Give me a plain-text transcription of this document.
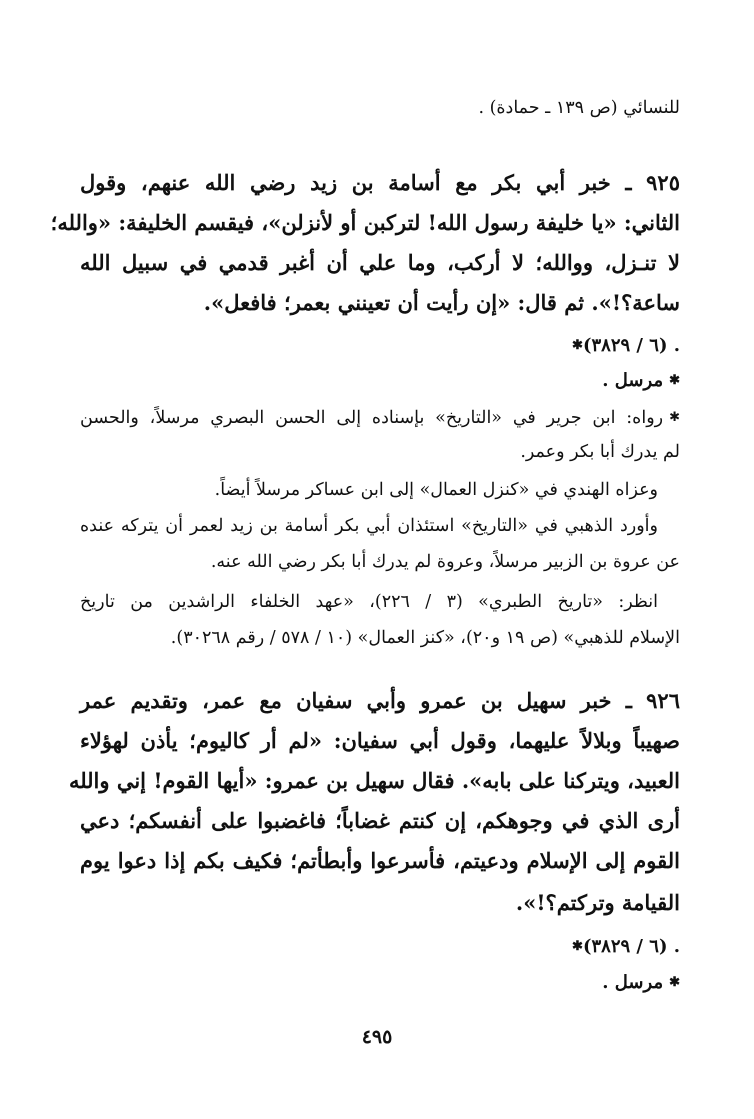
للنسائي (ص ١٣٩ ـ حمادة) .
٩٢٥ ـ خبر أبي بكر مع أسامة بن زيد رضي الله عنهم، وقول
الثاني: «يا خليفة رسول الله! لتركبن أو لأنزلن»، فيقسم الخليفة: «والله؛
لا تنـزل، ووالله؛ لا أركب، وما علي أن أغبر قدمي في سبيل الله
ساعة؟!». ثم قال: «إن رأيت أن تعينني بعمر؛ فافعل».
✱ (٦ / ٣٨٢٩) .
✱ مرسل .
✱ رواه: ابن جرير في «التاريخ» بإسناده إلى الحسن البصري مرسلاً، والحسن
لم يدرك أبا بكر وعمر.
وعزاه الهندي في «كنزل العمال» إلى ابن عساكر مرسلاً أيضاً.
وأورد الذهبي في «التاريخ» استئذان أبي بكر أسامة بن زيد لعمر أن يتركه عنده
عن عروة بن الزبير مرسلاً، وعروة لم يدرك أبا بكر رضي الله عنه.
انظر: «تاريخ الطبري» (٣ / ٢٢٦)، «عهد الخلفاء الراشدين من تاريخ
الإسلام للذهبي» (ص ١٩ و٢٠)، «كنز العمال» (١٠ / ٥٧٨ / رقم ٣٠٢٦٨).
٩٢٦ ـ خبر سهيل بن عمرو وأبي سفيان مع عمر، وتقديم عمر
صهيباً وبلالاً عليهما، وقول أبي سفيان: «لم أر كاليوم؛ يأذن لهؤلاء
العبيد، ويتركنا على بابه». فقال سهيل بن عمرو: «أيها القوم! إني والله
أرى الذي في وجوهكم، إن كنتم غضاباً؛ فاغضبوا على أنفسكم؛ دعي
القوم إلى الإسلام ودعيتم، فأسرعوا وأبطأتم؛ فكيف بكم إذا دعوا يوم
القيامة وتركتم؟!».
✱ (٦ / ٣٨٢٩) .
✱ مرسل .
٤٩٥
